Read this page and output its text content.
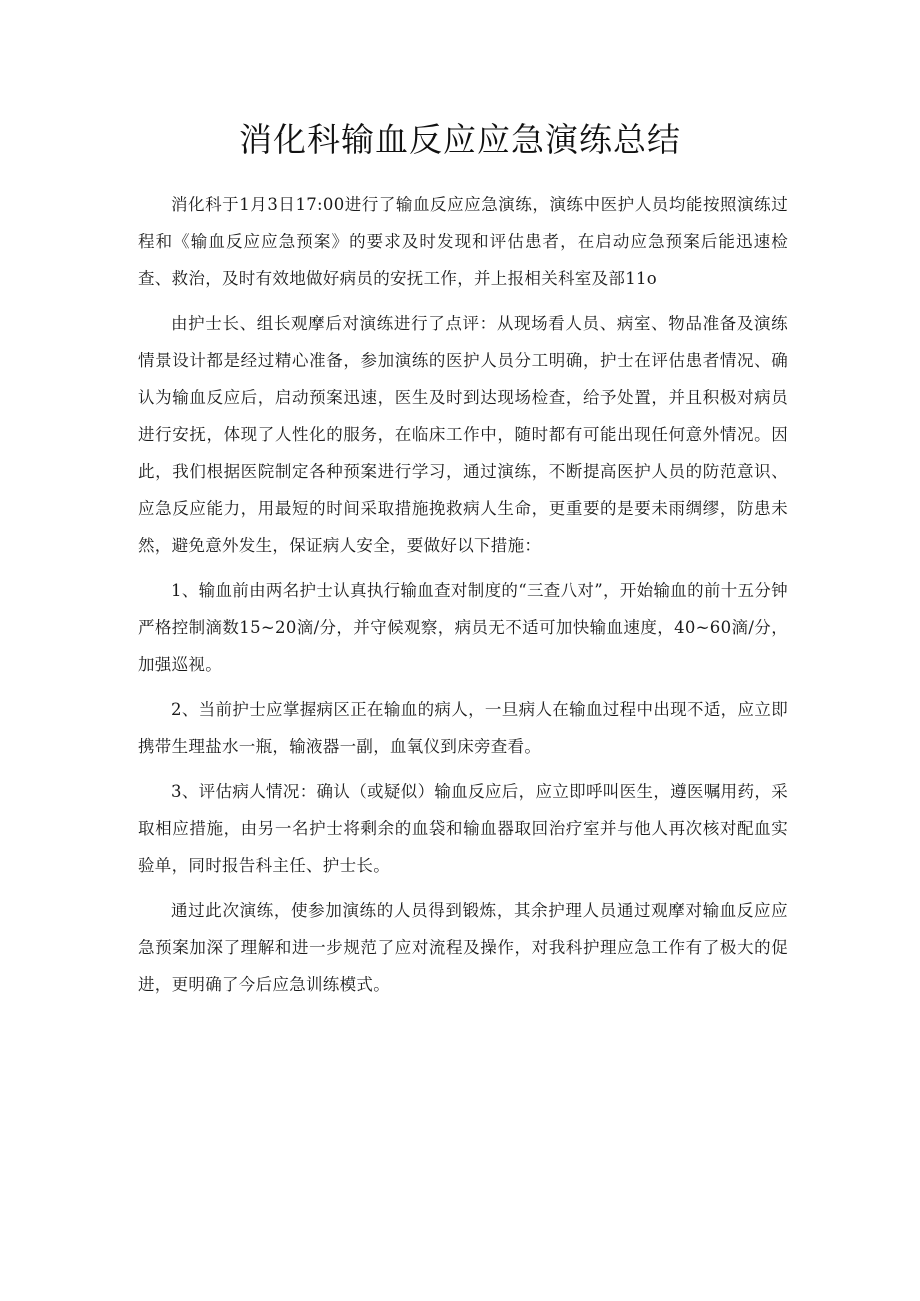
消化科输血反应应急演练总结

消化科于1月3日17:00进行了输血反应应急演练，演练中医护人员均能按照演练过程和《输血反应应急预案》的要求及时发现和评估患者，在启动应急预案后能迅速检查、救治，及时有效地做好病员的安抚工作，并上报相关科室及部11o

由护士长、组长观摩后对演练进行了点评：从现场看人员、病室、物品准备及演练情景设计都是经过精心准备，参加演练的医护人员分工明确，护士在评估患者情况、确认为输血反应后，启动预案迅速，医生及时到达现场检查，给予处置，并且积极对病员进行安抚，体现了人性化的服务，在临床工作中，随时都有可能出现任何意外情况。因此，我们根据医院制定各种预案进行学习，通过演练，不断提高医护人员的防范意识、应急反应能力，用最短的时间采取措施挽救病人生命，更重要的是要未雨绸缪，防患未然，避免意外发生，保证病人安全，要做好以下措施：

1、输血前由两名护士认真执行输血查对制度的“三查八对”，开始输血的前十五分钟严格控制滴数15~20滴/分，并守候观察，病员无不适可加快输血速度，40~60滴/分，加强巡视。

2、当前护士应掌握病区正在输血的病人，一旦病人在输血过程中出现不适，应立即携带生理盐水一瓶，输液器一副，血氧仪到床旁查看。

3、评估病人情况：确认（或疑似）输血反应后，应立即呼叫医生，遵医嘱用药，采取相应措施，由另一名护士将剩余的血袋和输血器取回治疗室并与他人再次核对配血实验单，同时报告科主任、护士长。

通过此次演练，使参加演练的人员得到锻炼，其余护理人员通过观摩对输血反应应急预案加深了理解和进一步规范了应对流程及操作，对我科护理应急工作有了极大的促进，更明确了今后应急训练模式。
